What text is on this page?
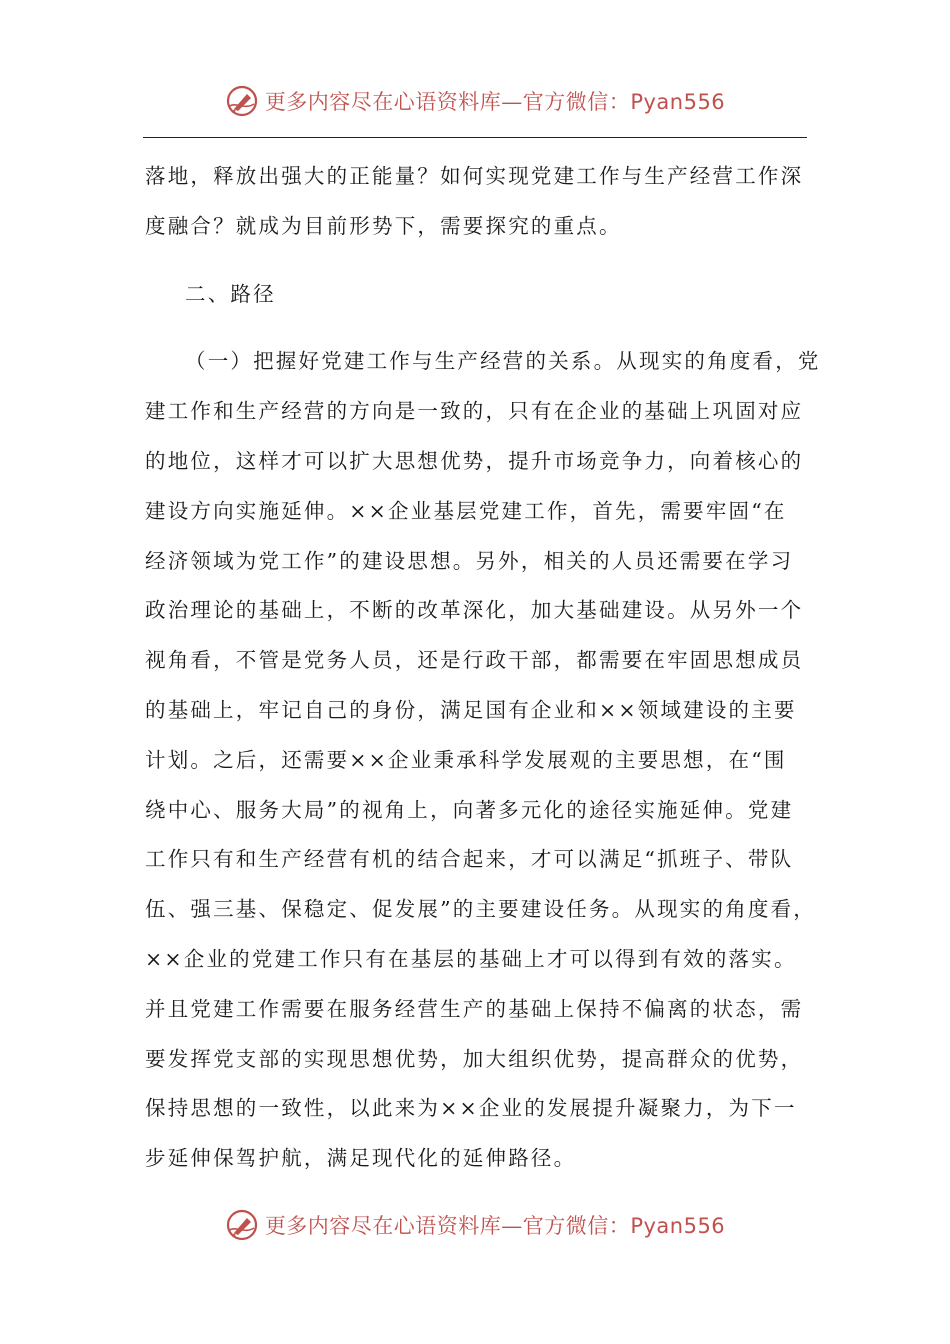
更多内容尽在心语资料库—官方微信：Pyan556
落地，释放出强大的正能量？如何实现党建工作与生产经营工作深
度融合？就成为目前形势下，需要探究的重点。
二、路径
（一）把握好党建工作与生产经营的关系。从现实的角度看，党
建工作和生产经营的方向是一致的，只有在企业的基础上巩固对应
的地位，这样才可以扩大思想优势，提升市场竞争力，向着核心的
建设方向实施延伸。××企业基层党建工作，首先，需要牢固“在
经济领域为党工作”的建设思想。另外，相关的人员还需要在学习
政治理论的基础上，不断的改革深化，加大基础建设。从另外一个
视角看，不管是党务人员，还是行政干部，都需要在牢固思想成员
的基础上，牢记自己的身份，满足国有企业和××领域建设的主要
计划。之后，还需要××企业秉承科学发展观的主要思想，在“围
绕中心、服务大局”的视角上，向著多元化的途径实施延伸。党建
工作只有和生产经营有机的结合起来，才可以满足“抓班子、带队
伍、强三基、保稳定、促发展”的主要建设任务。从现实的角度看，
××企业的党建工作只有在基层的基础上才可以得到有效的落实。
并且党建工作需要在服务经营生产的基础上保持不偏离的状态，需
要发挥党支部的实现思想优势，加大组织优势，提高群众的优势，
保持思想的一致性，以此来为××企业的发展提升凝聚力，为下一
步延伸保驾护航，满足现代化的延伸路径。
更多内容尽在心语资料库—官方微信：Pyan556
